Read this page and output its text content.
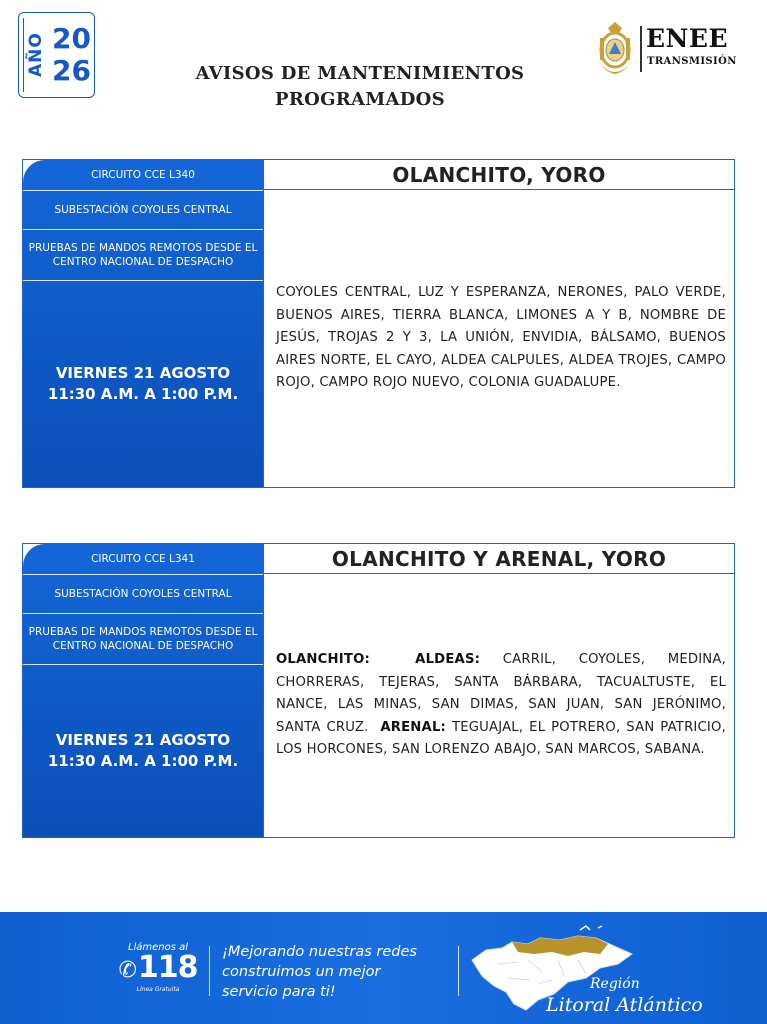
AÑO 20
26	AVISOS DE MANTENIMIENTOS
PROGRAMADOS
ENEE
TRANSMISIÓN
CIRCUITO CCE L340
SUBESTACIÓN COYOLES CENTRAL
PRUEBAS DE MANDOS REMOTOS DESDE EL CENTRO NACIONAL DE DESPACHO
VIERNES 21 AGOSTO
11:30 A.M. A 1:00 P.M.
OLANCHITO, YORO

COYOLES CENTRAL, LUZ Y ESPERANZA, NERONES, PALO VERDE, BUENOS AIRES, TIERRA BLANCA, LIMONES A Y B, NOMBRE DE JESÚS, TROJAS 2 Y 3, LA UNIÓN, ENVIDIA, BÁLSAMO, BUENOS AIRES NORTE, EL CAYO, ALDEA CALPULES, ALDEA TROJES, CAMPO ROJO, CAMPO ROJO NUEVO, COLONIA GUADALUPE.

CIRCUITO CCE L341
SUBESTACIÓN COYOLES CENTRAL
PRUEBAS DE MANDOS REMOTOS DESDE EL CENTRO NACIONAL DE DESPACHO
VIERNES 21 AGOSTO
11:30 A.M. A 1:00 P.M.
OLANCHITO Y ARENAL, YORO

OLANCHITO:	ALDEAS: CARRIL, COYOLES, MEDINA, CHORRERAS, TEJERAS, SANTA BÁRBARA, TACUALTUSTE, EL NANCE, LAS MINAS, SAN DIMAS, SAN JUAN, SAN JERÓNIMO, SANTA CRUZ. ARENAL: TEGUAJAL, EL POTRERO, SAN PATRICIO, LOS HORCONES, SAN LORENZO ABAJO, SAN MARCOS, SABANA.

Llámenos al
✆118
Línea Gratuita
¡Mejorando nuestras redes
construimos un mejor
servicio para ti!	Región
Litoral Atlántico
